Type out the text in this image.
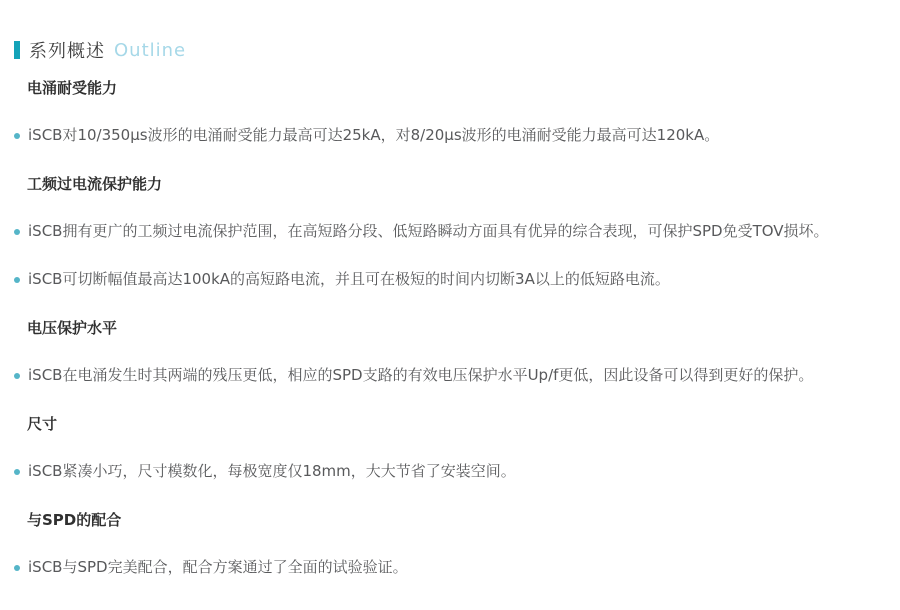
系列概述 Outline
电涌耐受能力
iSCB对10/350μs波形的电涌耐受能力最高可达25kA，对8/20μs波形的电涌耐受能力最高可达120kA。
工频过电流保护能力
iSCB拥有更广的工频过电流保护范围，在高短路分段、低短路瞬动方面具有优异的综合表现，可保护SPD免受TOV损坏。
iSCB可切断幅值最高达100kA的高短路电流，并且可在极短的时间内切断3A以上的低短路电流。
电压保护水平
iSCB在电涌发生时其两端的残压更低，相应的SPD支路的有效电压保护水平Up/f更低，因此设备可以得到更好的保护。
尺寸
iSCB紧凑小巧，尺寸模数化，每极宽度仅18mm，大大节省了安装空间。
与SPD的配合
iSCB与SPD完美配合，配合方案通过了全面的试验验证。
